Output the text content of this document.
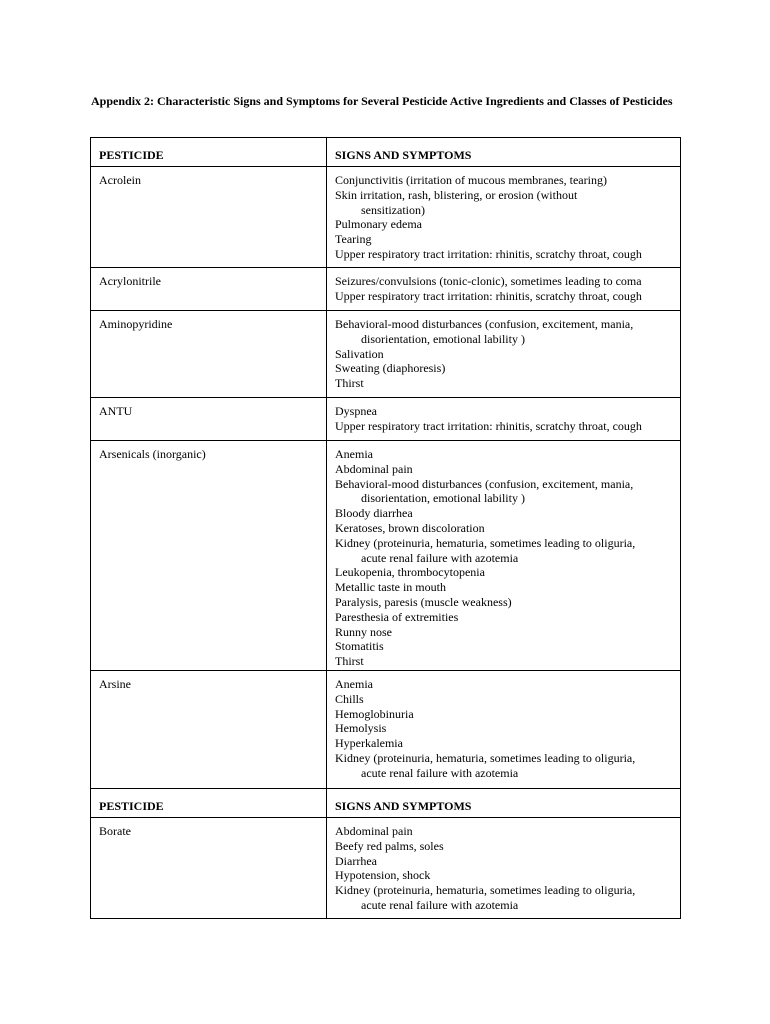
Appendix 2: Characteristic Signs and Symptoms for Several Pesticide Active Ingredients and Classes of Pesticides
PESTICIDE	SIGNS AND SYMPTOMS
Acrolein	Conjunctivitis (irritation of mucous membranes, tearing)
Skin irritation, rash, blistering, or erosion (without
sensitization)
Pulmonary edema
Tearing
Upper respiratory tract irritation: rhinitis, scratchy throat, cough
Acrylonitrile	Seizures/convulsions (tonic-clonic), sometimes leading to coma
Upper respiratory tract irritation: rhinitis, scratchy throat, cough
Aminopyridine	Behavioral-mood disturbances (confusion, excitement, mania,
disorientation, emotional lability )
Salivation
Sweating (diaphoresis)
Thirst
ANTU	Dyspnea
Upper respiratory tract irritation: rhinitis, scratchy throat, cough
Arsenicals (inorganic)	Anemia
Abdominal pain
Behavioral-mood disturbances (confusion, excitement, mania,
disorientation, emotional lability )
Bloody diarrhea
Keratoses, brown discoloration
Kidney (proteinuria, hematuria, sometimes leading to oliguria,
acute renal failure with azotemia
Leukopenia, thrombocytopenia
Metallic taste in mouth
Paralysis, paresis (muscle weakness)
Paresthesia of extremities
Runny nose
Stomatitis
Thirst
Arsine	Anemia
Chills
Hemoglobinuria
Hemolysis
Hyperkalemia
Kidney (proteinuria, hematuria, sometimes leading to oliguria,
acute renal failure with azotemia
PESTICIDE	SIGNS AND SYMPTOMS
Borate	Abdominal pain
Beefy red palms, soles
Diarrhea
Hypotension, shock
Kidney (proteinuria, hematuria, sometimes leading to oliguria,
acute renal failure with azotemia
